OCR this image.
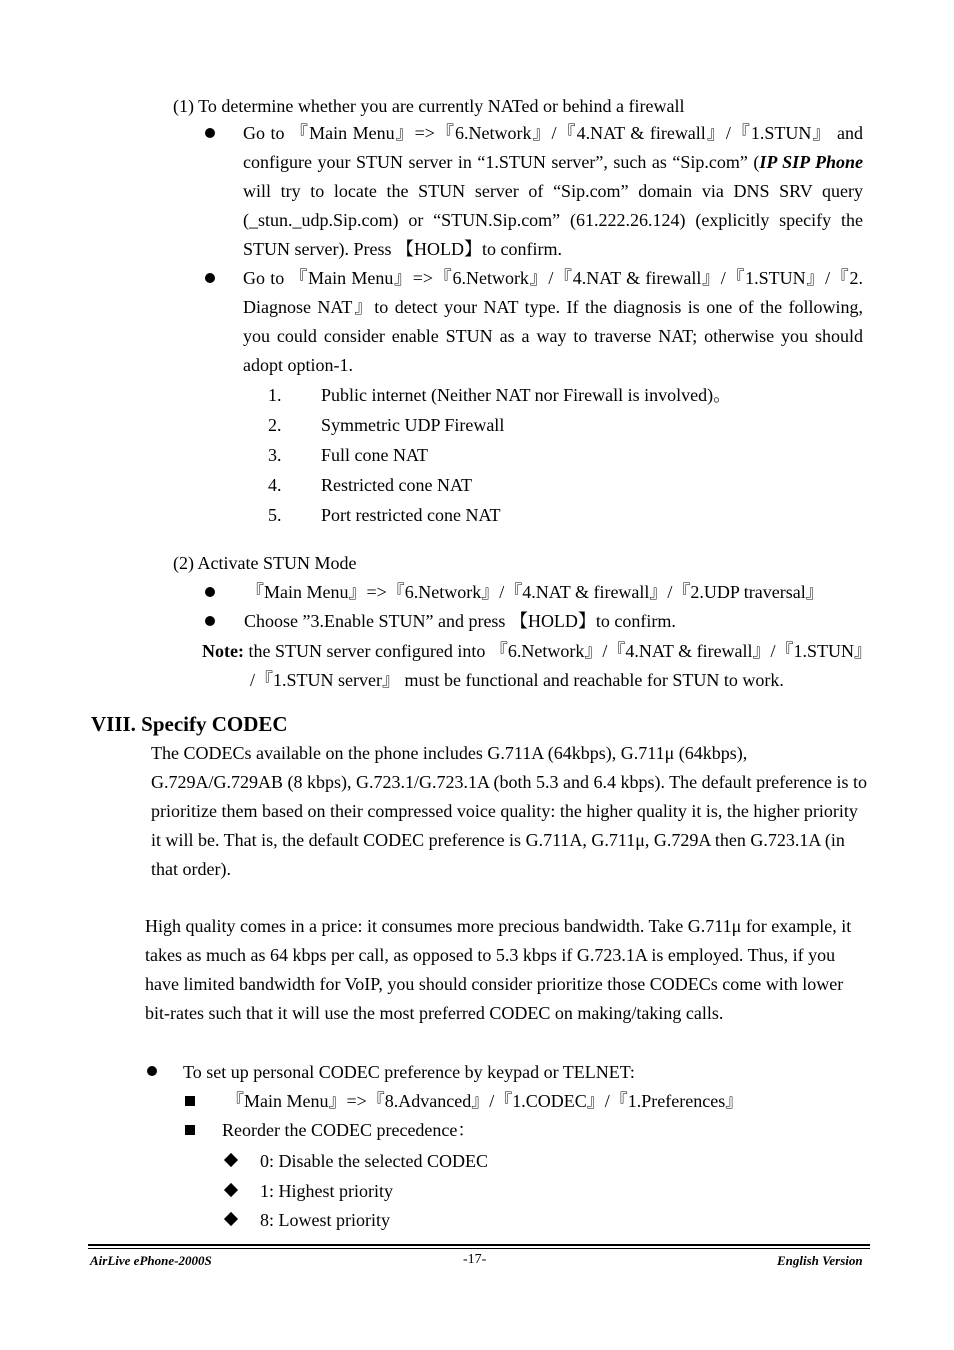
(1) To determine whether you are currently NATed or behind a firewall
Go to 『Main Menu』=>『6.Network』/『4.NAT & firewall』/『1.STUN』 and configure your STUN server in “1.STUN server”, such as “Sip.com” (IP SIP Phone will try to locate the STUN server of “Sip.com” domain via DNS SRV query (_stun._udp.Sip.com) or “STUN.Sip.com” (61.222.26.124) (explicitly specify the STUN server). Press 【HOLD】to confirm.
Go to 『Main Menu』=>『6.Network』/『4.NAT & firewall』/『1.STUN』/『2. Diagnose NAT』to detect your NAT type. If the diagnosis is one of the following, you could consider enable STUN as a way to traverse NAT; otherwise you should adopt option-1.
1. Public internet (Neither NAT nor Firewall is involved)。
2. Symmetric UDP Firewall
3. Full cone NAT
4. Restricted cone NAT
5. Port restricted cone NAT
(2) Activate STUN Mode
『Main Menu』=>『6.Network』/『4.NAT & firewall』/『2.UDP traversal』
Choose ”3.Enable STUN” and press 【HOLD】to confirm.
Note: the STUN server configured into 『6.Network』/『4.NAT & firewall』/『1.STUN』
/『1.STUN server』 must be functional and reachable for STUN to work.
VIII. Specify CODEC
The CODECs available on the phone includes G.711A (64kbps), G.711μ (64kbps), G.729A/G.729AB (8 kbps), G.723.1/G.723.1A (both 5.3 and 6.4 kbps). The default preference is to prioritize them based on their compressed voice quality: the higher quality it is, the higher priority it will be. That is, the default CODEC preference is G.711A, G.711μ, G.729A then G.723.1A (in that order).
High quality comes in a price: it consumes more precious bandwidth. Take G.711μ for example, it takes as much as 64 kbps per call, as opposed to 5.3 kbps if G.723.1A is employed. Thus, if you have limited bandwidth for VoIP, you should consider prioritize those CODECs come with lower bit-rates such that it will use the most preferred CODEC on making/taking calls.
To set up personal CODEC preference by keypad or TELNET:
『Main Menu』=>『8.Advanced』/『1.CODEC』/『1.Preferences』
Reorder the CODEC precedence：
0: Disable the selected CODEC
1: Highest priority
8: Lowest priority
AirLive ePhone-2000S	-17-	English Version
